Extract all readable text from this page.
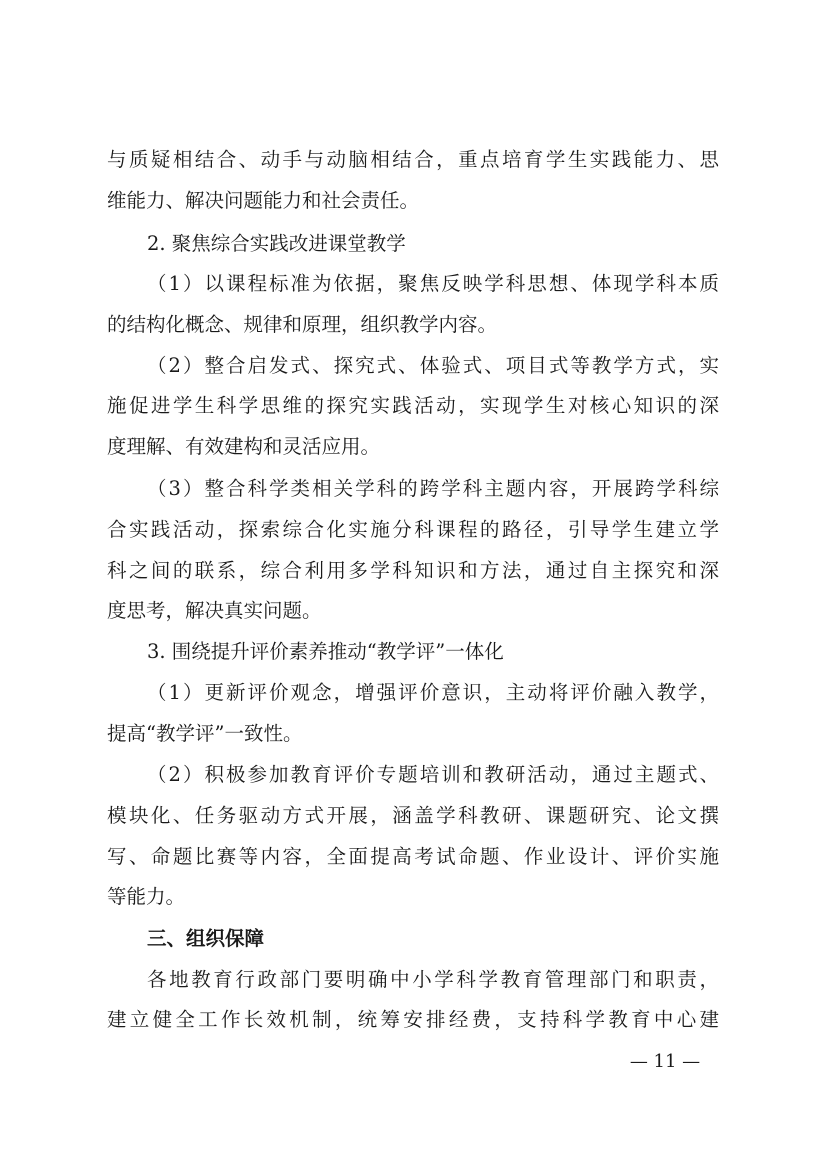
与质疑相结合、动手与动脑相结合，重点培育学生实践能力、思
维能力、解决问题能力和社会责任。
2. 聚焦综合实践改进课堂教学
（1）以课程标准为依据，聚焦反映学科思想、体现学科本质
的结构化概念、规律和原理，组织教学内容。
（2）整合启发式、探究式、体验式、项目式等教学方式，实
施促进学生科学思维的探究实践活动，实现学生对核心知识的深
度理解、有效建构和灵活应用。
（3）整合科学类相关学科的跨学科主题内容，开展跨学科综
合实践活动，探索综合化实施分科课程的路径，引导学生建立学
科之间的联系，综合利用多学科知识和方法，通过自主探究和深
度思考，解决真实问题。
3. 围绕提升评价素养推动“教学评”一体化
（1）更新评价观念，增强评价意识，主动将评价融入教学，
提高“教学评”一致性。
（2）积极参加教育评价专题培训和教研活动，通过主题式、
模块化、任务驱动方式开展，涵盖学科教研、课题研究、论文撰
写、命题比赛等内容，全面提高考试命题、作业设计、评价实施
等能力。
三、组织保障
各地教育行政部门要明确中小学科学教育管理部门和职责，
建立健全工作长效机制，统筹安排经费，支持科学教育中心建
— 11 —
